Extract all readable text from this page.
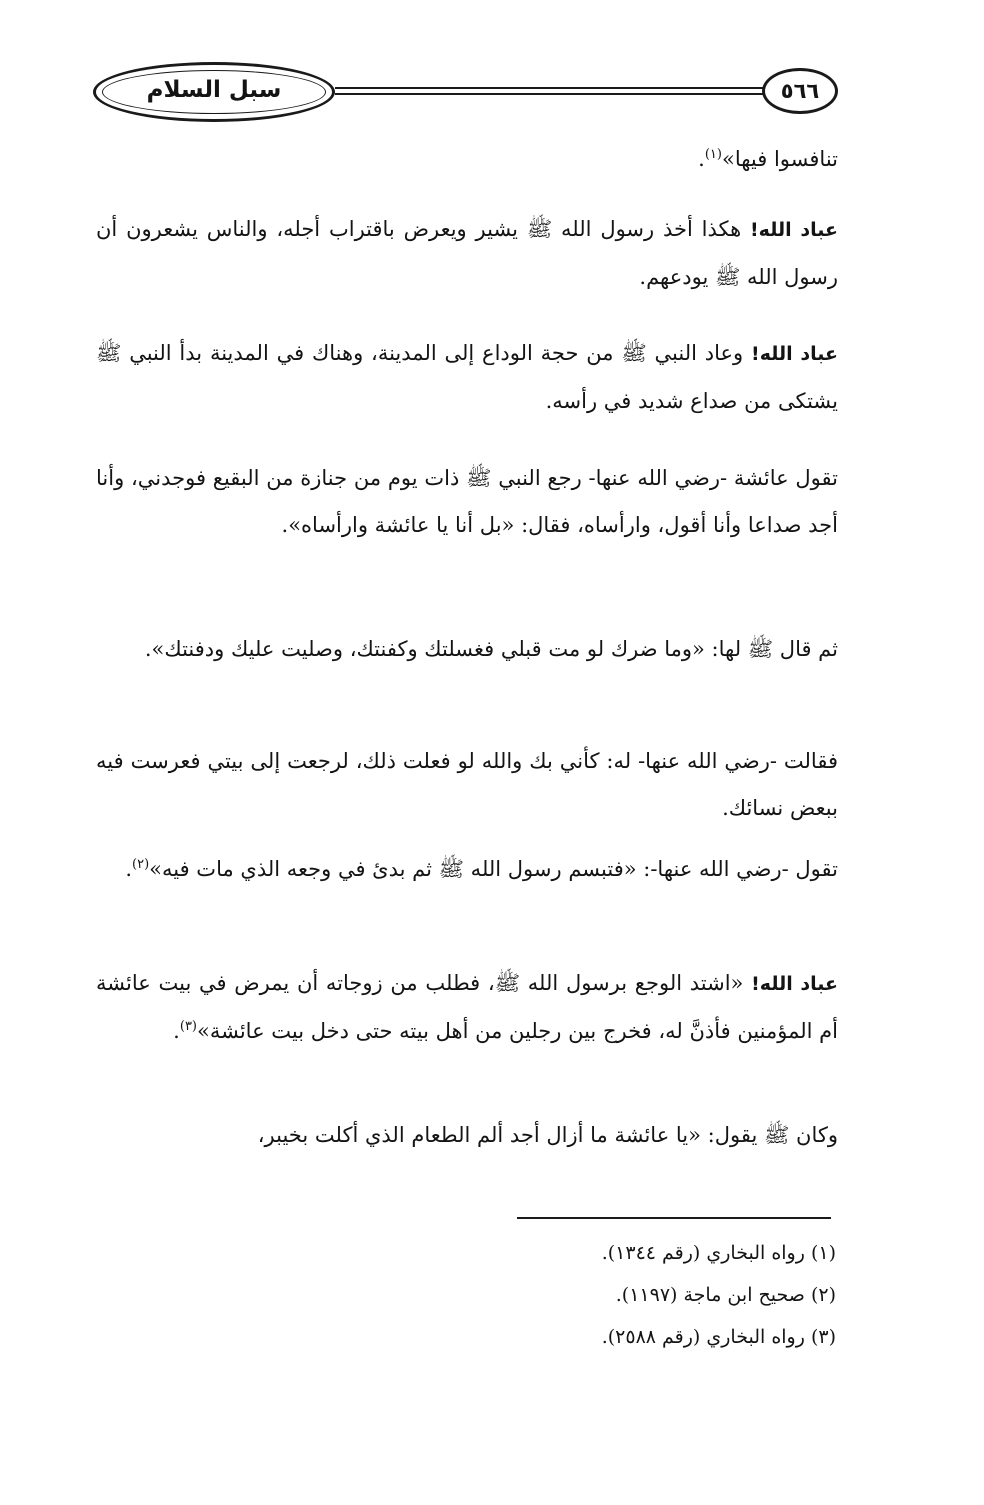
سبل السلام	٥٦٦
تنافسوا فيها»$^{(١)}$.
عباد الله! هكذا أخذ رسول الله ﷺ يشير ويعرض باقتراب أجله، والناس يشعرون أن رسول الله ﷺ يودعهم.
عباد الله! وعاد النبي ﷺ من حجة الوداع إلى المدينة، وهناك في المدينة بدأ النبي ﷺ يشتكى من صداع شديد في رأسه.
تقول عائشة -رضي الله عنها- رجع النبي ﷺ ذات يوم من جنازة من البقيع فوجدني، وأنا أجد صداعا وأنا أقول، وارأساه، فقال: «بل أنا يا عائشة وارأساه».
ثم قال ﷺ لها: «وما ضرك لو مت قبلي فغسلتك وكفنتك، وصليت عليك ودفنتك».
فقالت -رضي الله عنها- له: كأني بك والله لو فعلت ذلك، لرجعت إلى بيتي فعرست فيه ببعض نسائك.
تقول -رضي الله عنها-: «فتبسم رسول الله ﷺ ثم بدئ في وجعه الذي مات فيه»$^{(٢)}$.
عباد الله! «اشتد الوجع برسول الله ﷺ، فطلب من زوجاته أن يمرض في بيت عائشة أم المؤمنين فأذنَّ له، فخرج بين رجلين من أهل بيته حتى دخل بيت عائشة»$^{(٣)}$.
وكان ﷺ يقول: «يا عائشة ما أزال أجد ألم الطعام الذي أكلت بخيبر،
(١) رواه البخاري (رقم ١٣٤٤).
(٢) صحيح ابن ماجة (١١٩٧).
(٣) رواه البخاري (رقم ٢٥٨٨).
